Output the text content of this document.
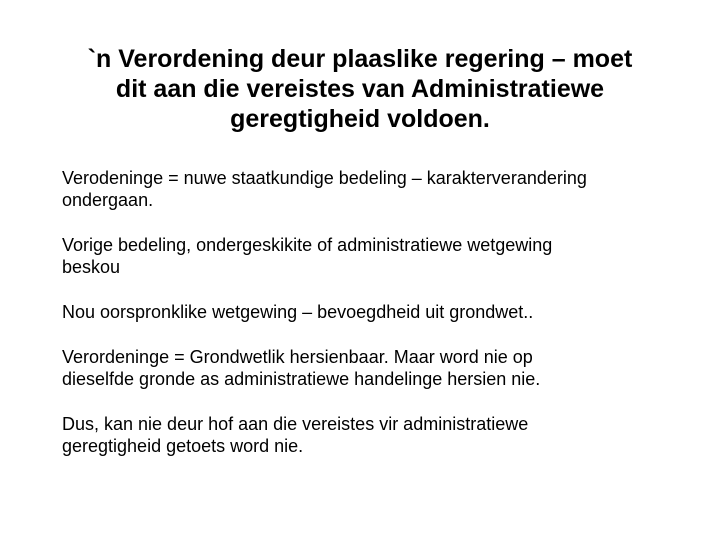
`n Verordening deur plaaslike regering – moet
dit aan die vereistes van Administratiewe
geregtigheid voldoen.

Verodeninge = nuwe staatkundige bedeling – karakterverandering
ondergaan.

Vorige bedeling, ondergeskikite of administratiewe wetgewing
beskou

Nou oorspronklike wetgewing – bevoegdheid uit grondwet..

Verordeninge = Grondwetlik hersienbaar. Maar word nie op
dieselfde gronde as administratiewe handelinge hersien nie.

Dus, kan nie deur hof aan die vereistes vir administratiewe
geregtigheid getoets word nie.
